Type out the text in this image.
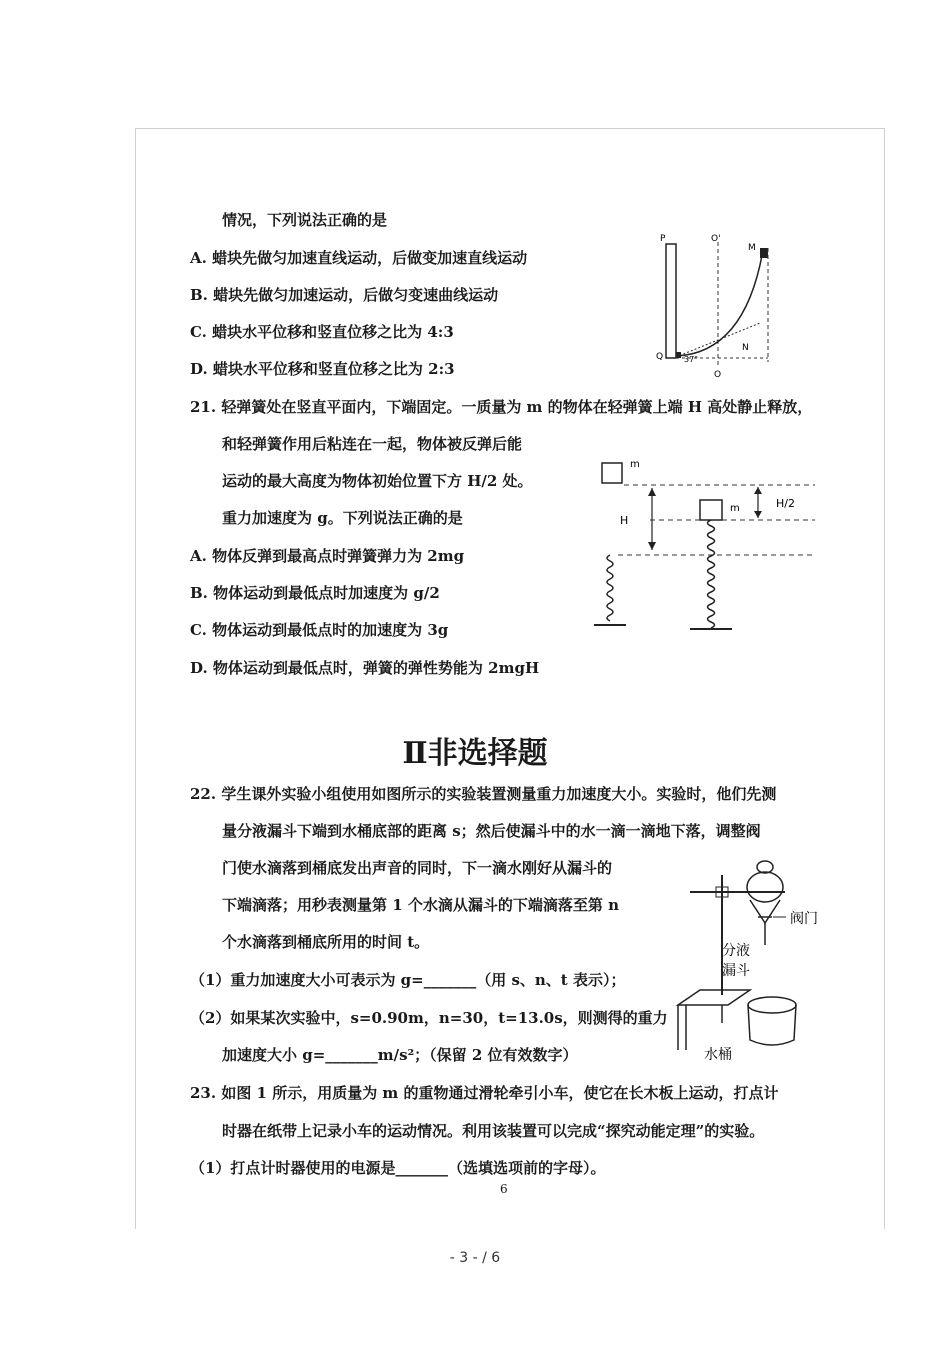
情况，下列说法正确的是
A. 蜡块先做匀加速直线运动，后做变加速直线运动
B. 蜡块先做匀加速运动，后做匀变速曲线运动
C. 蜡块水平位移和竖直位移之比为 4:3
D. 蜡块水平位移和竖直位移之比为 2:3
P	O'
M
Q	37°
N
O
21. 轻弹簧处在竖直平面内，下端固定。一质量为 m 的物体在轻弹簧上端 H 高处静止释放，
和轻弹簧作用后粘连在一起，物体被反弹后能
运动的最大高度为物体初始位置下方 H/2 处。
重力加速度为 g。下列说法正确的是
A. 物体反弹到最高点时弹簧弹力为 2mg
B. 物体运动到最低点时加速度为 g/2
C. 物体运动到最低点时的加速度为 3g
D. 物体运动到最低点时，弹簧的弹性势能为 2mgH
m
H
m	H/2
Ⅱ非选择题
22. 学生课外实验小组使用如图所示的实验装置测量重力加速度大小。实验时，他们先测
量分液漏斗下端到水桶底部的距离 s；然后使漏斗中的水一滴一滴地下落，调整阀
门使水滴落到桶底发出声音的同时，下一滴水刚好从漏斗的
下端滴落；用秒表测量第 1 个水滴从漏斗的下端滴落至第 n
个水滴落到桶底所用的时间 t。
（1）重力加速度大小可表示为 g=_______（用 s、n、t 表示）；
（2）如果某次实验中，s=0.90m，n=30，t=13.0s，则测得的重力
加速度大小 g=_______m/s²；（保留 2 位有效数字）
阀门
分液
漏斗
水桶
23. 如图 1 所示，用质量为 m 的重物通过滑轮牵引小车，使它在长木板上运动，打点计
时器在纸带上记录小车的运动情况。利用该装置可以完成“探究动能定理”的实验。
（1）打点计时器使用的电源是_______（选填选项前的字母）。
6
- 3 - / 6
